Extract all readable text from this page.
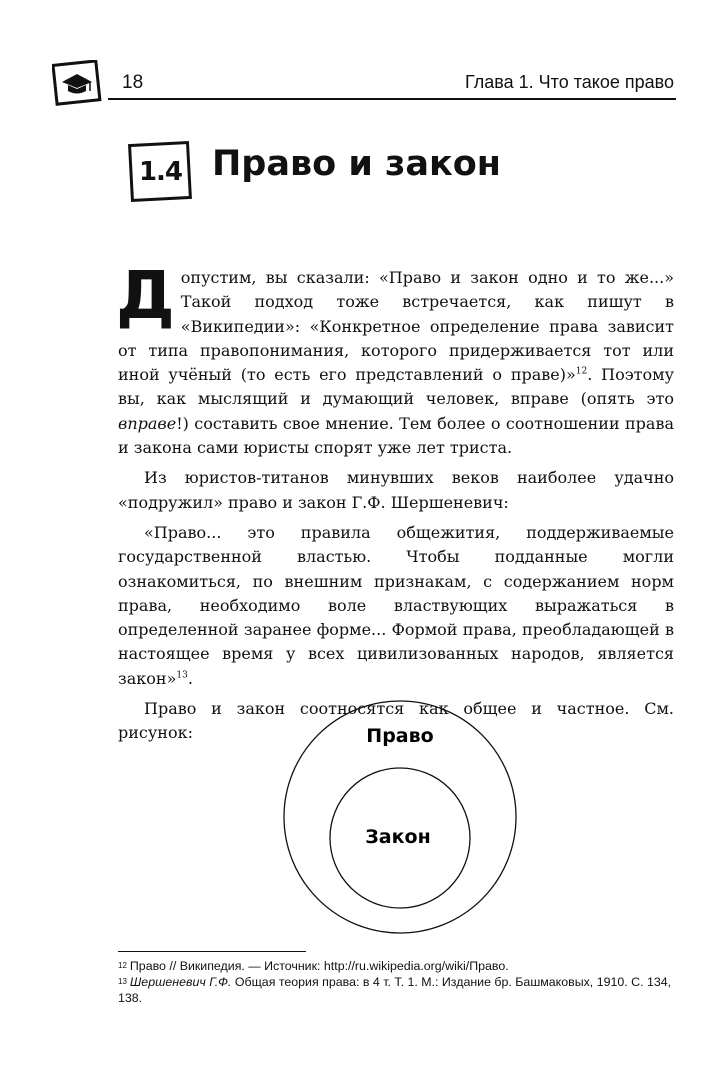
18	Глава 1. Что такое право
1.4 Право и закон

Допустим, вы сказали: «Право и закон одно и то же...» Такой подход тоже встречается, как пишут в «Википедии»: «Конкретное определение права зависит от типа правопонимания, которого придерживается тот или иной учёный (то есть его представлений о праве)»$^{12}$. Поэтому вы, как мыслящий и думающий человек, вправе (опять это вправе!) составить свое мнение. Тем более о соотношении права и закона сами юристы спорят уже лет триста.

Из юристов-титанов минувших веков наиболее удачно «подружил» право и закон Г.Ф. Шершеневич:

«Право... это правила общежития, поддерживаемые государственной властью. Чтобы подданные могли ознакомиться, по внешним признакам, с содержанием норм права, необходимо воле властвующих выражаться в определенной заранее форме... Формой права, преобладающей в настоящее время у всех цивилизованных народов, является закон»$^{13}$.

Право и закон соотносятся как общее и частное. См. рисунок:	Право
Закон

$^{12}$ Право // Википедия. — Источник: http://ru.wikipedia.org/wiki/Право.

$^{13}$ Шершеневич Г.Ф. Общая теория права: в 4 т. Т. 1. М.: Издание бр. Башмаковых, 1910. С. 134, 138.
